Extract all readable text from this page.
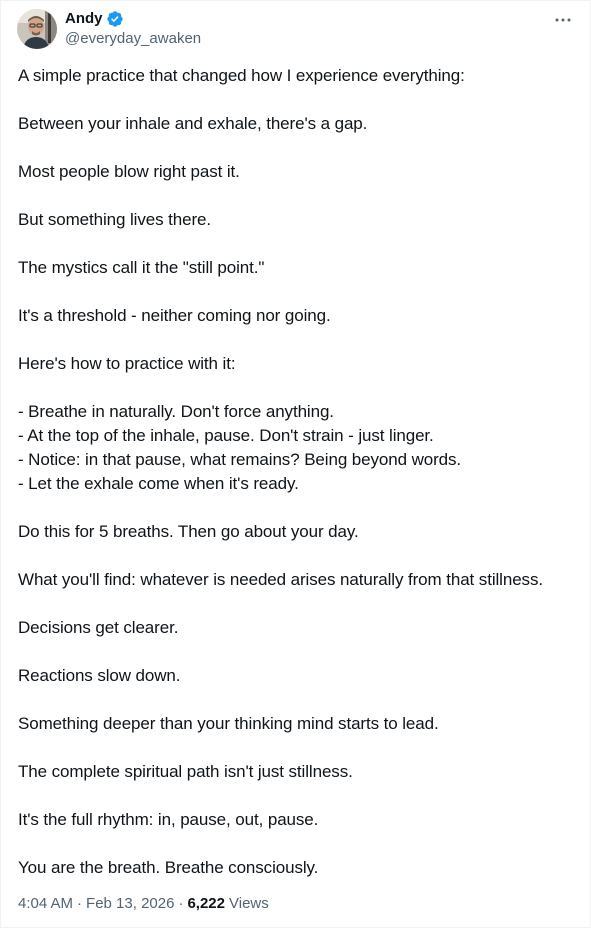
Andy
@everyday_awaken

A simple practice that changed how I experience everything:

Between your inhale and exhale, there's a gap.

Most people blow right past it.

But something lives there.

The mystics call it the "still point."

It's a threshold - neither coming nor going.

Here's how to practice with it:

- Breathe in naturally. Don't force anything.
- At the top of the inhale, pause. Don't strain - just linger.
- Notice: in that pause, what remains? Being beyond words.
- Let the exhale come when it's ready.

Do this for 5 breaths. Then go about your day.

What you'll find: whatever is needed arises naturally from that stillness.

Decisions get clearer.

Reactions slow down.

Something deeper than your thinking mind starts to lead.

The complete spiritual path isn't just stillness.

It's the full rhythm: in, pause, out, pause.

You are the breath. Breathe consciously.

4:04 AM · Feb 13, 2026 · 6,222 Views
